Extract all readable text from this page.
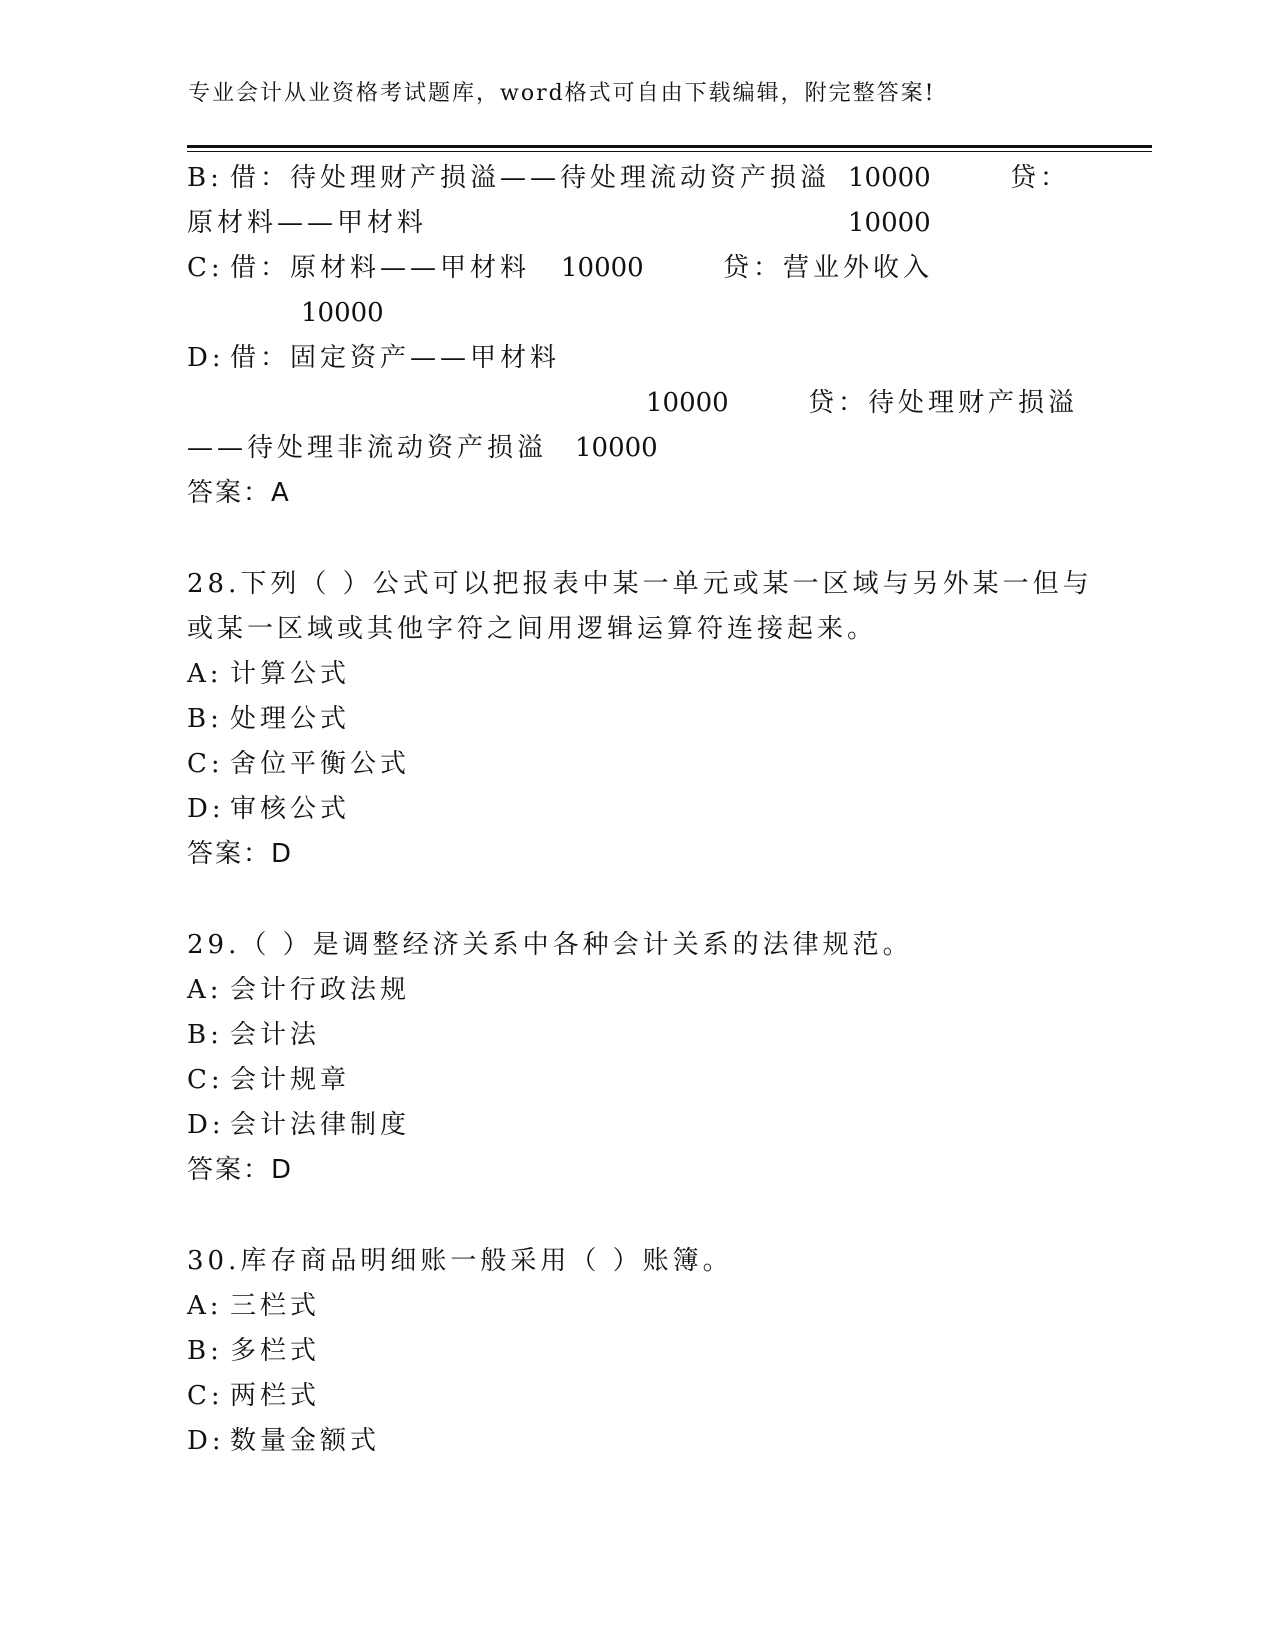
专业会计从业资格考试题库，word格式可自由下载编辑，附完整答案!
B: 借：待处理财产损溢——待处理流动资产损溢 10000	贷：
原材料——甲材料	10000
C: 借：原材料——甲材料 10000	贷：营业外收入
10000
D: 借：固定资产——甲材料
10000	贷：待处理财产损溢
——待处理非流动资产损溢 10000
答案：A
28.下列（ ）公式可以把报表中某一单元或某一区域与另外某一但与
或某一区域或其他字符之间用逻辑运算符连接起来。
A: 计算公式
B: 处理公式
C: 舍位平衡公式
D: 审核公式
答案：D
29.（ ）是调整经济关系中各种会计关系的法律规范。
A: 会计行政法规
B: 会计法
C: 会计规章
D: 会计法律制度
答案：D
30.库存商品明细账一般采用（ ）账簿。
A: 三栏式
B: 多栏式
C: 两栏式
D: 数量金额式
